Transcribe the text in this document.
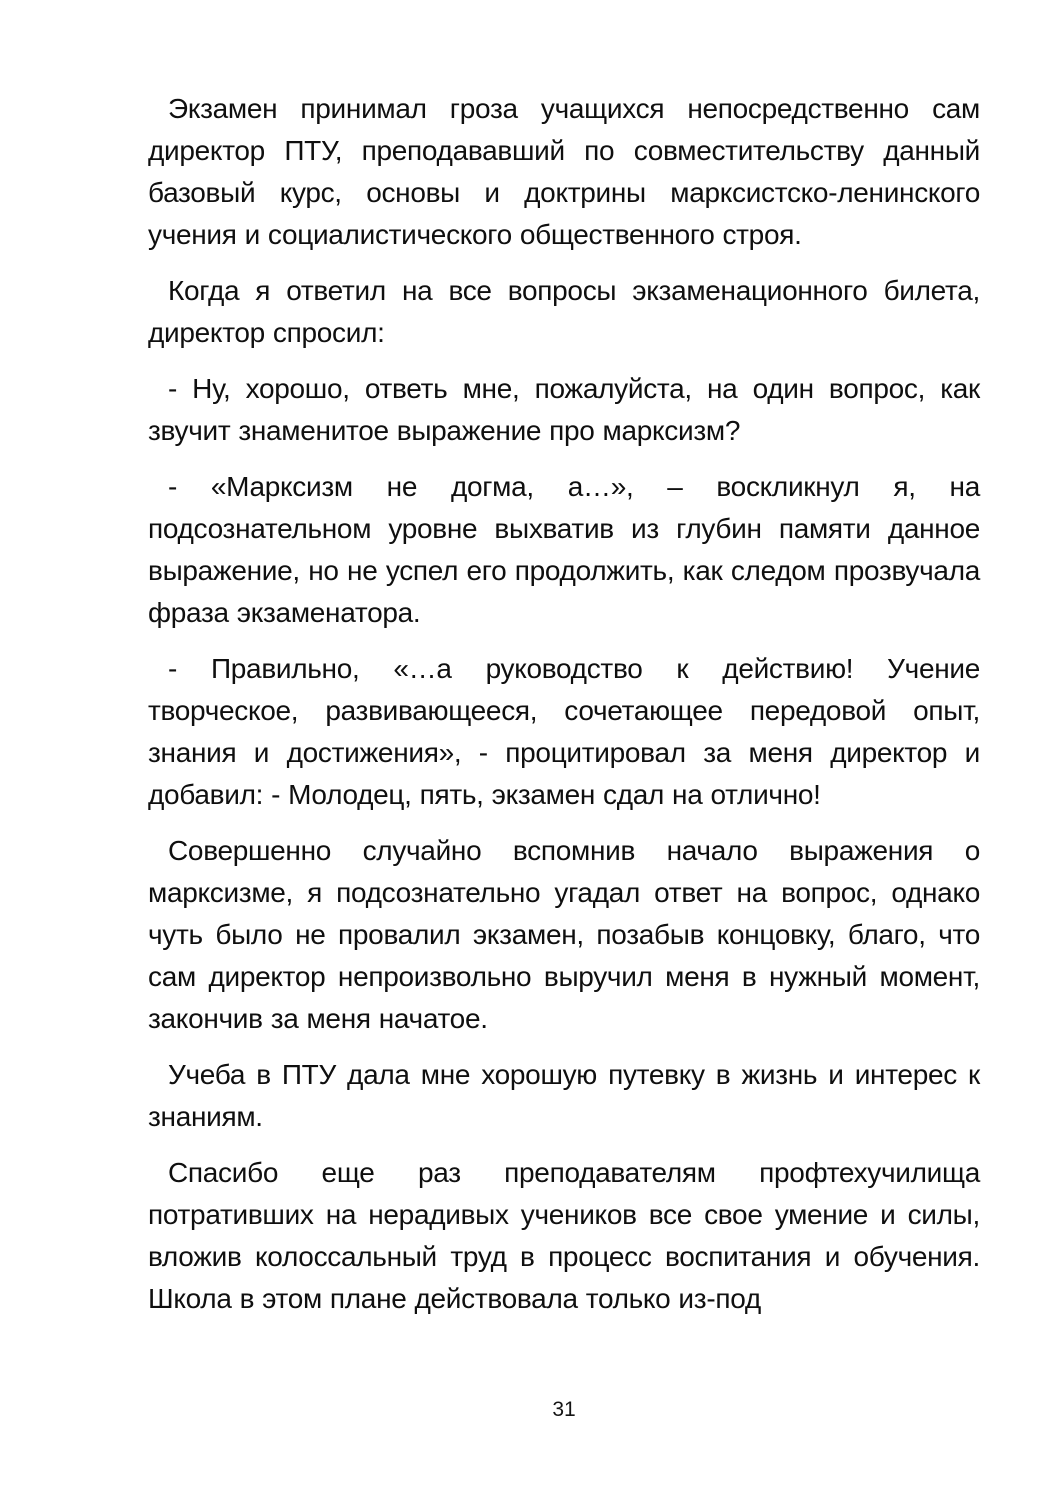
Экзамен принимал гроза учащихся непосредственно сам директор ПТУ, преподававший по совместительству данный базовый курс, основы и доктрины марксистско-ленинского учения и социалистического общественного строя.

Когда я ответил на все вопросы экзаменационного билета, директор спросил:

- Ну, хорошо, ответь мне, пожалуйста, на один вопрос, как звучит знаменитое выражение про марксизм?

- «Марксизм не догма, а…», – воскликнул я, на подсознательном уровне выхватив из глубин памяти данное выражение, но не успел его продолжить, как следом прозвучала фраза экзаменатора.

- Правильно, «…а руководство к действию! Учение творческое, развивающееся, сочетающее передовой опыт, знания и достижения», - процитировал за меня директор и добавил: - Молодец, пять, экзамен сдал на отлично!

Совершенно случайно вспомнив начало выражения о марксизме, я подсознательно угадал ответ на вопрос, однако чуть было не провалил экзамен, позабыв концовку, благо, что сам директор непроизвольно выручил меня в нужный момент, закончив за меня начатое.

Учеба в ПТУ дала мне хорошую путевку в жизнь и интерес к знаниям.

Спасибо еще раз преподавателям профтехучилища потративших на нерадивых учеников все свое умение и силы, вложив колоссальный труд в процесс воспитания и обучения. Школа в этом плане действовала только из-под

31
